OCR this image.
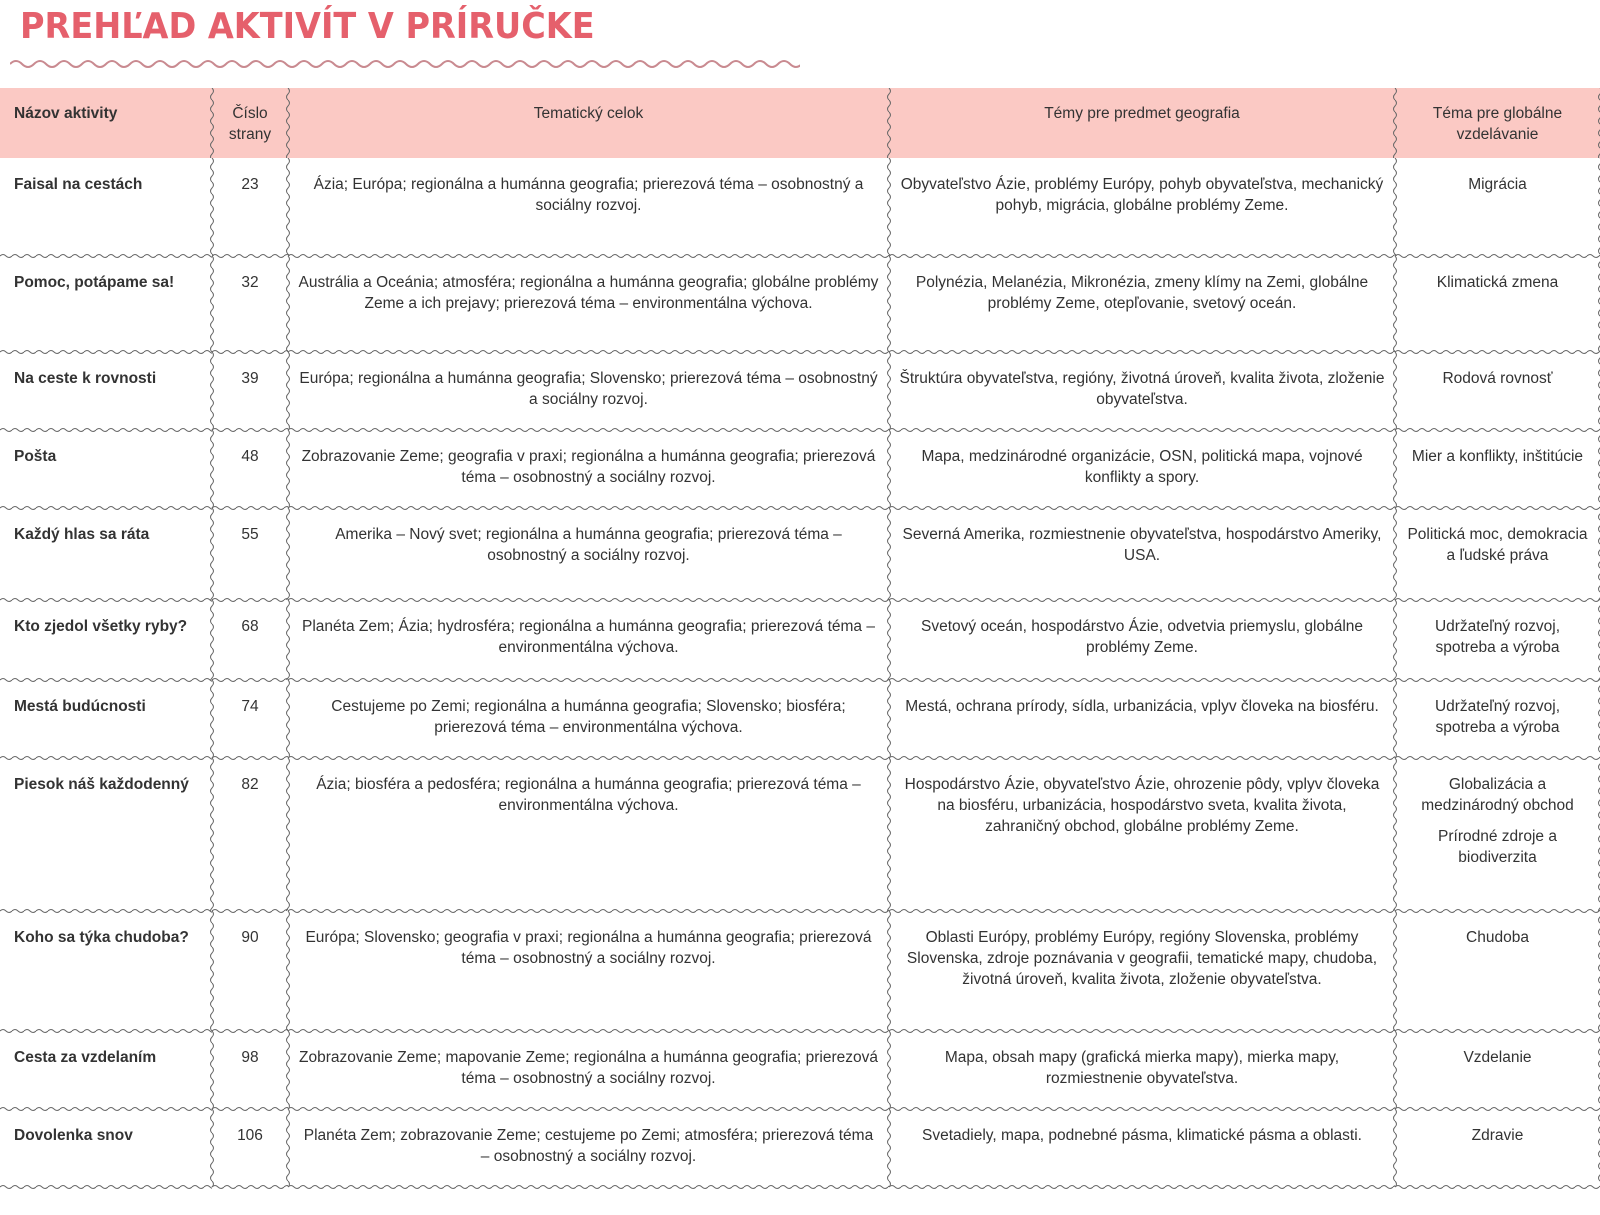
PREHĽAD AKTIVÍT V PRÍRUČKE
Názov aktivity	Číslo strany	Tematický celok	Témy pre predmet geografia	Téma pre globálne vzdelávanie

Faisal na cestách	23	Ázia; Európa; regionálna a humánna geografia; prierezová téma – osobnostný a sociálny rozvoj.	Obyvateľstvo Ázie, problémy Európy, pohyb obyvateľstva, mechanický pohyb, migrácia, globálne problémy Zeme.	Migrácia

Pomoc, potápame sa!	32	Austrália a Oceánia; atmosféra; regionálna a humánna geografia; globálne problémy Zeme a ich prejavy; prierezová téma – environmentálna výchova.	Polynézia, Melanézia, Mikronézia, zmeny klímy na Zemi, globálne problémy Zeme, otepľovanie, svetový oceán.	Klimatická zmena

Na ceste k rovnosti	39	Európa; regionálna a humánna geografia; Slovensko; prierezová téma – osobnostný a sociálny rozvoj.	Štruktúra obyvateľstva, regióny, životná úroveň, kvalita života, zloženie obyvateľstva.	Rodová rovnosť

Pošta	48	Zobrazovanie Zeme; geografia v praxi; regionálna a humánna geografia; prierezová téma – osobnostný a sociálny rozvoj.	Mapa, medzinárodné organizácie, OSN, politická mapa, vojnové konflikty a spory.	Mier a konflikty, inštitúcie

Každý hlas sa ráta	55	Amerika – Nový svet; regionálna a humánna geografia; prierezová téma – osobnostný a sociálny rozvoj.	Severná Amerika, rozmiestnenie obyvateľstva, hospodárstvo Ameriky, USA.	Politická moc, demokracia a ľudské práva

Kto zjedol všetky ryby?	68	Planéta Zem; Ázia; hydrosféra; regionálna a humánna geografia; prierezová téma – environmentálna výchova.	Svetový oceán, hospodárstvo Ázie, odvetvia priemyslu, globálne problémy Zeme.	Udržateľný rozvoj, spotreba a výroba

Mestá budúcnosti	74	Cestujeme po Zemi; regionálna a humánna geografia; Slovensko; biosféra; prierezová téma – environmentálna výchova.	Mestá, ochrana prírody, sídla, urbanizácia, vplyv človeka na biosféru.	Udržateľný rozvoj, spotreba a výroba

Piesok náš každodenný	82	Ázia; biosféra a pedosféra; regionálna a humánna geografia; prierezová téma – environmentálna výchova.	Hospodárstvo Ázie, obyvateľstvo Ázie, ohrozenie pôdy, vplyv človeka na biosféru, urbanizácia, hospodárstvo sveta, kvalita života, zahraničný obchod, globálne problémy Zeme.	Globalizácia a medzinárodný obchod
Prírodné zdroje a biodiverzita

Koho sa týka chudoba?	90	Európa; Slovensko; geografia v praxi; regionálna a humánna geografia; prierezová téma – osobnostný a sociálny rozvoj.	Oblasti Európy, problémy Európy, regióny Slovenska, problémy Slovenska, zdroje poznávania v geografii, tematické mapy, chudoba, životná úroveň, kvalita života, zloženie obyvateľstva.	Chudoba

Cesta za vzdelaním	98	Zobrazovanie Zeme; mapovanie Zeme; regionálna a humánna geografia; prierezová téma – osobnostný a sociálny rozvoj.	Mapa, obsah mapy (grafická mierka mapy), mierka mapy, rozmiestnenie obyvateľstva.	Vzdelanie

Dovolenka snov	106	Planéta Zem; zobrazovanie Zeme; cestujeme po Zemi; atmosféra; prierezová téma – osobnostný a sociálny rozvoj.	Svetadiely, mapa, podnebné pásma, klimatické pásma a oblasti.	Zdravie
